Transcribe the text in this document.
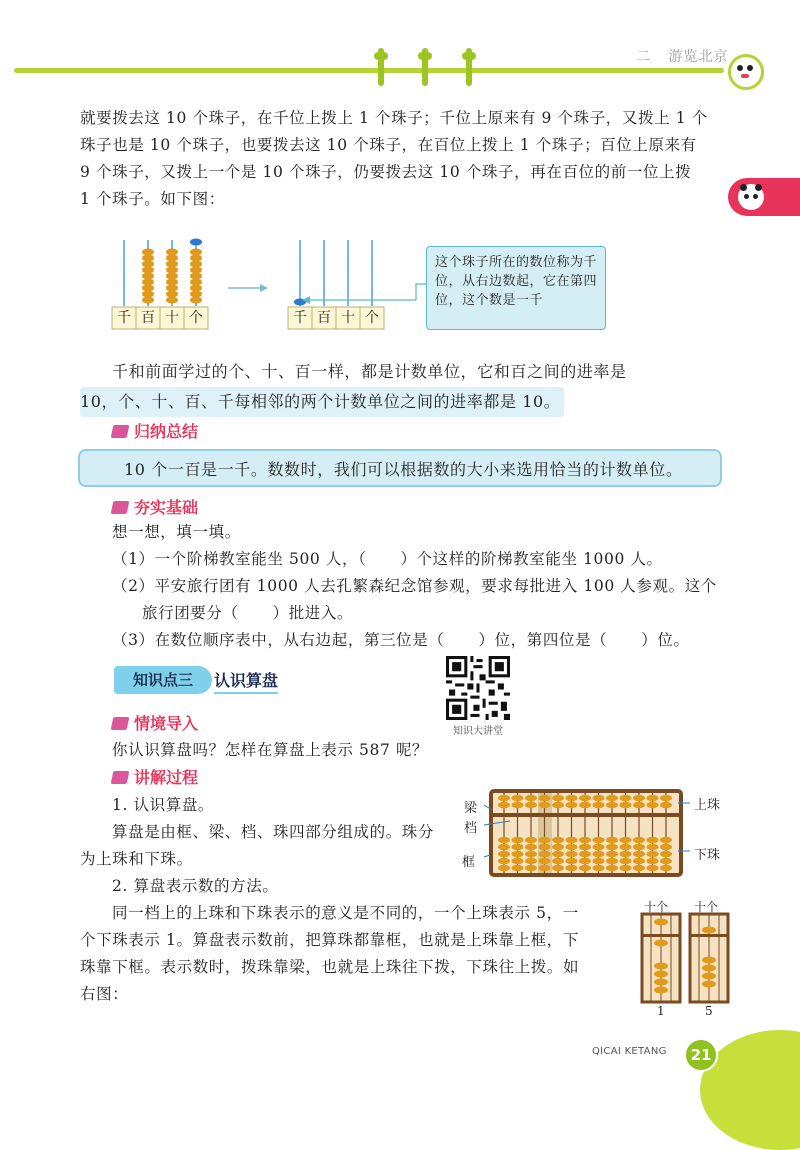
二 游览北京
就要拨去这 10 个珠子，在千位上拨上 1 个珠子；千位上原来有 9 个珠子，又拨上 1 个
珠子也是 10 个珠子，也要拨去这 10 个珠子，在百位上拨上 1 个珠子；百位上原来有
9 个珠子，又拨上一个是 10 个珠子，仍要拨去这 10 个珠子，再在百位的前一位上拨
1 个珠子。如下图：
千 百 十 个	千 百 十 个
这个珠子所在的数位称为千位，从右边数起，它在第四位，这个数是一千
千和前面学过的个、十、百一样，都是计数单位，它和百之间的进率是
10，个、十、百、千每相邻的两个计数单位之间的进率都是 10。
归纳总结
10 个一百是一千。数数时，我们可以根据数的大小来选用恰当的计数单位。
夯实基础
想一想，填一填。
（1）一个阶梯教室能坐 500 人，（ ）个这样的阶梯教室能坐 1000 人。
（2）平安旅行团有 1000 人去孔繁森纪念馆参观，要求每批进入 100 人参观。这个
旅行团要分（ ）批进入。
（3）在数位顺序表中，从右边起，第三位是（ ）位，第四位是（ ）位。
知识点三	认识算盘
知识大讲堂
情境导入
你认识算盘吗？怎样在算盘上表示 587 呢？
讲解过程
1. 认识算盘。
算盘是由框、梁、档、珠四部分组成的。珠分
为上珠和下珠。
2. 算盘表示数的方法。
同一档上的上珠和下珠表示的意义是不同的，一个上珠表示 5，一
个下珠表示 1。算盘表示数前，把算珠都靠框，也就是上珠靠上框，下
珠靠下框。表示数时，拨珠靠梁，也就是上珠往下拨，下珠往上拨。如
右图：
梁
档
框
上珠
下珠
十个 十个
1	5
QICAI KETANG	21
